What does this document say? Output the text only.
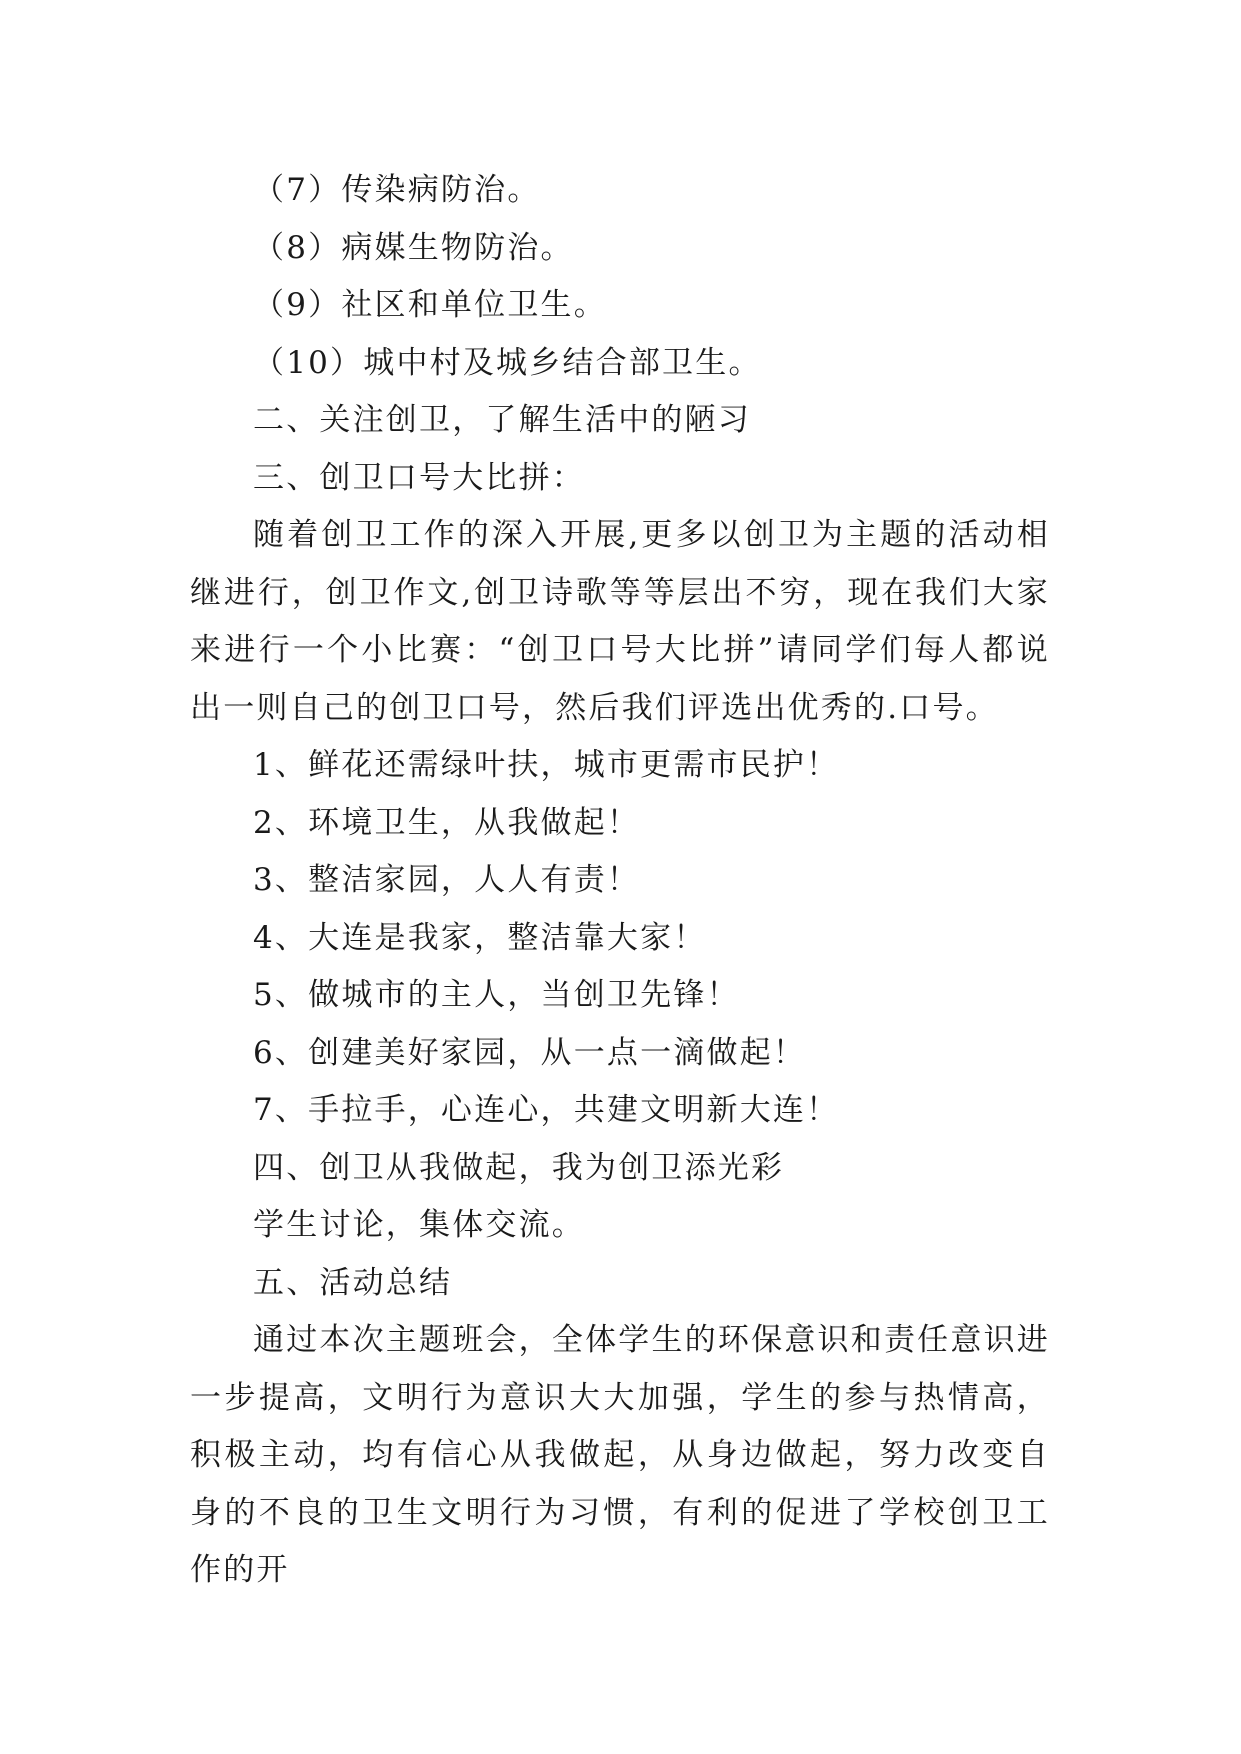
（7）传染病防治。
（8）病媒生物防治。
（9）社区和单位卫生。
（10）城中村及城乡结合部卫生。
二、关注创卫，了解生活中的陋习
三、创卫口号大比拼：
随着创卫工作的深入开展,更多以创卫为主题的活动相继进行，创卫作文,创卫诗歌等等层出不穷，现在我们大家来进行一个小比赛：“创卫口号大比拼”请同学们每人都说出一则自己的创卫口号，然后我们评选出优秀的.口号。
1、鲜花还需绿叶扶，城市更需市民护！
2、环境卫生，从我做起！
3、整洁家园，人人有责！
4、大连是我家，整洁靠大家！
5、做城市的主人，当创卫先锋！
6、创建美好家园，从一点一滴做起！
7、手拉手，心连心，共建文明新大连！
四、创卫从我做起，我为创卫添光彩
学生讨论，集体交流。
五、活动总结
通过本次主题班会，全体学生的环保意识和责任意识进一步提高，文明行为意识大大加强，学生的参与热情高，积极主动，均有信心从我做起，从身边做起，努力改变自身的不良的卫生文明行为习惯，有利的促进了学校创卫工作的开
